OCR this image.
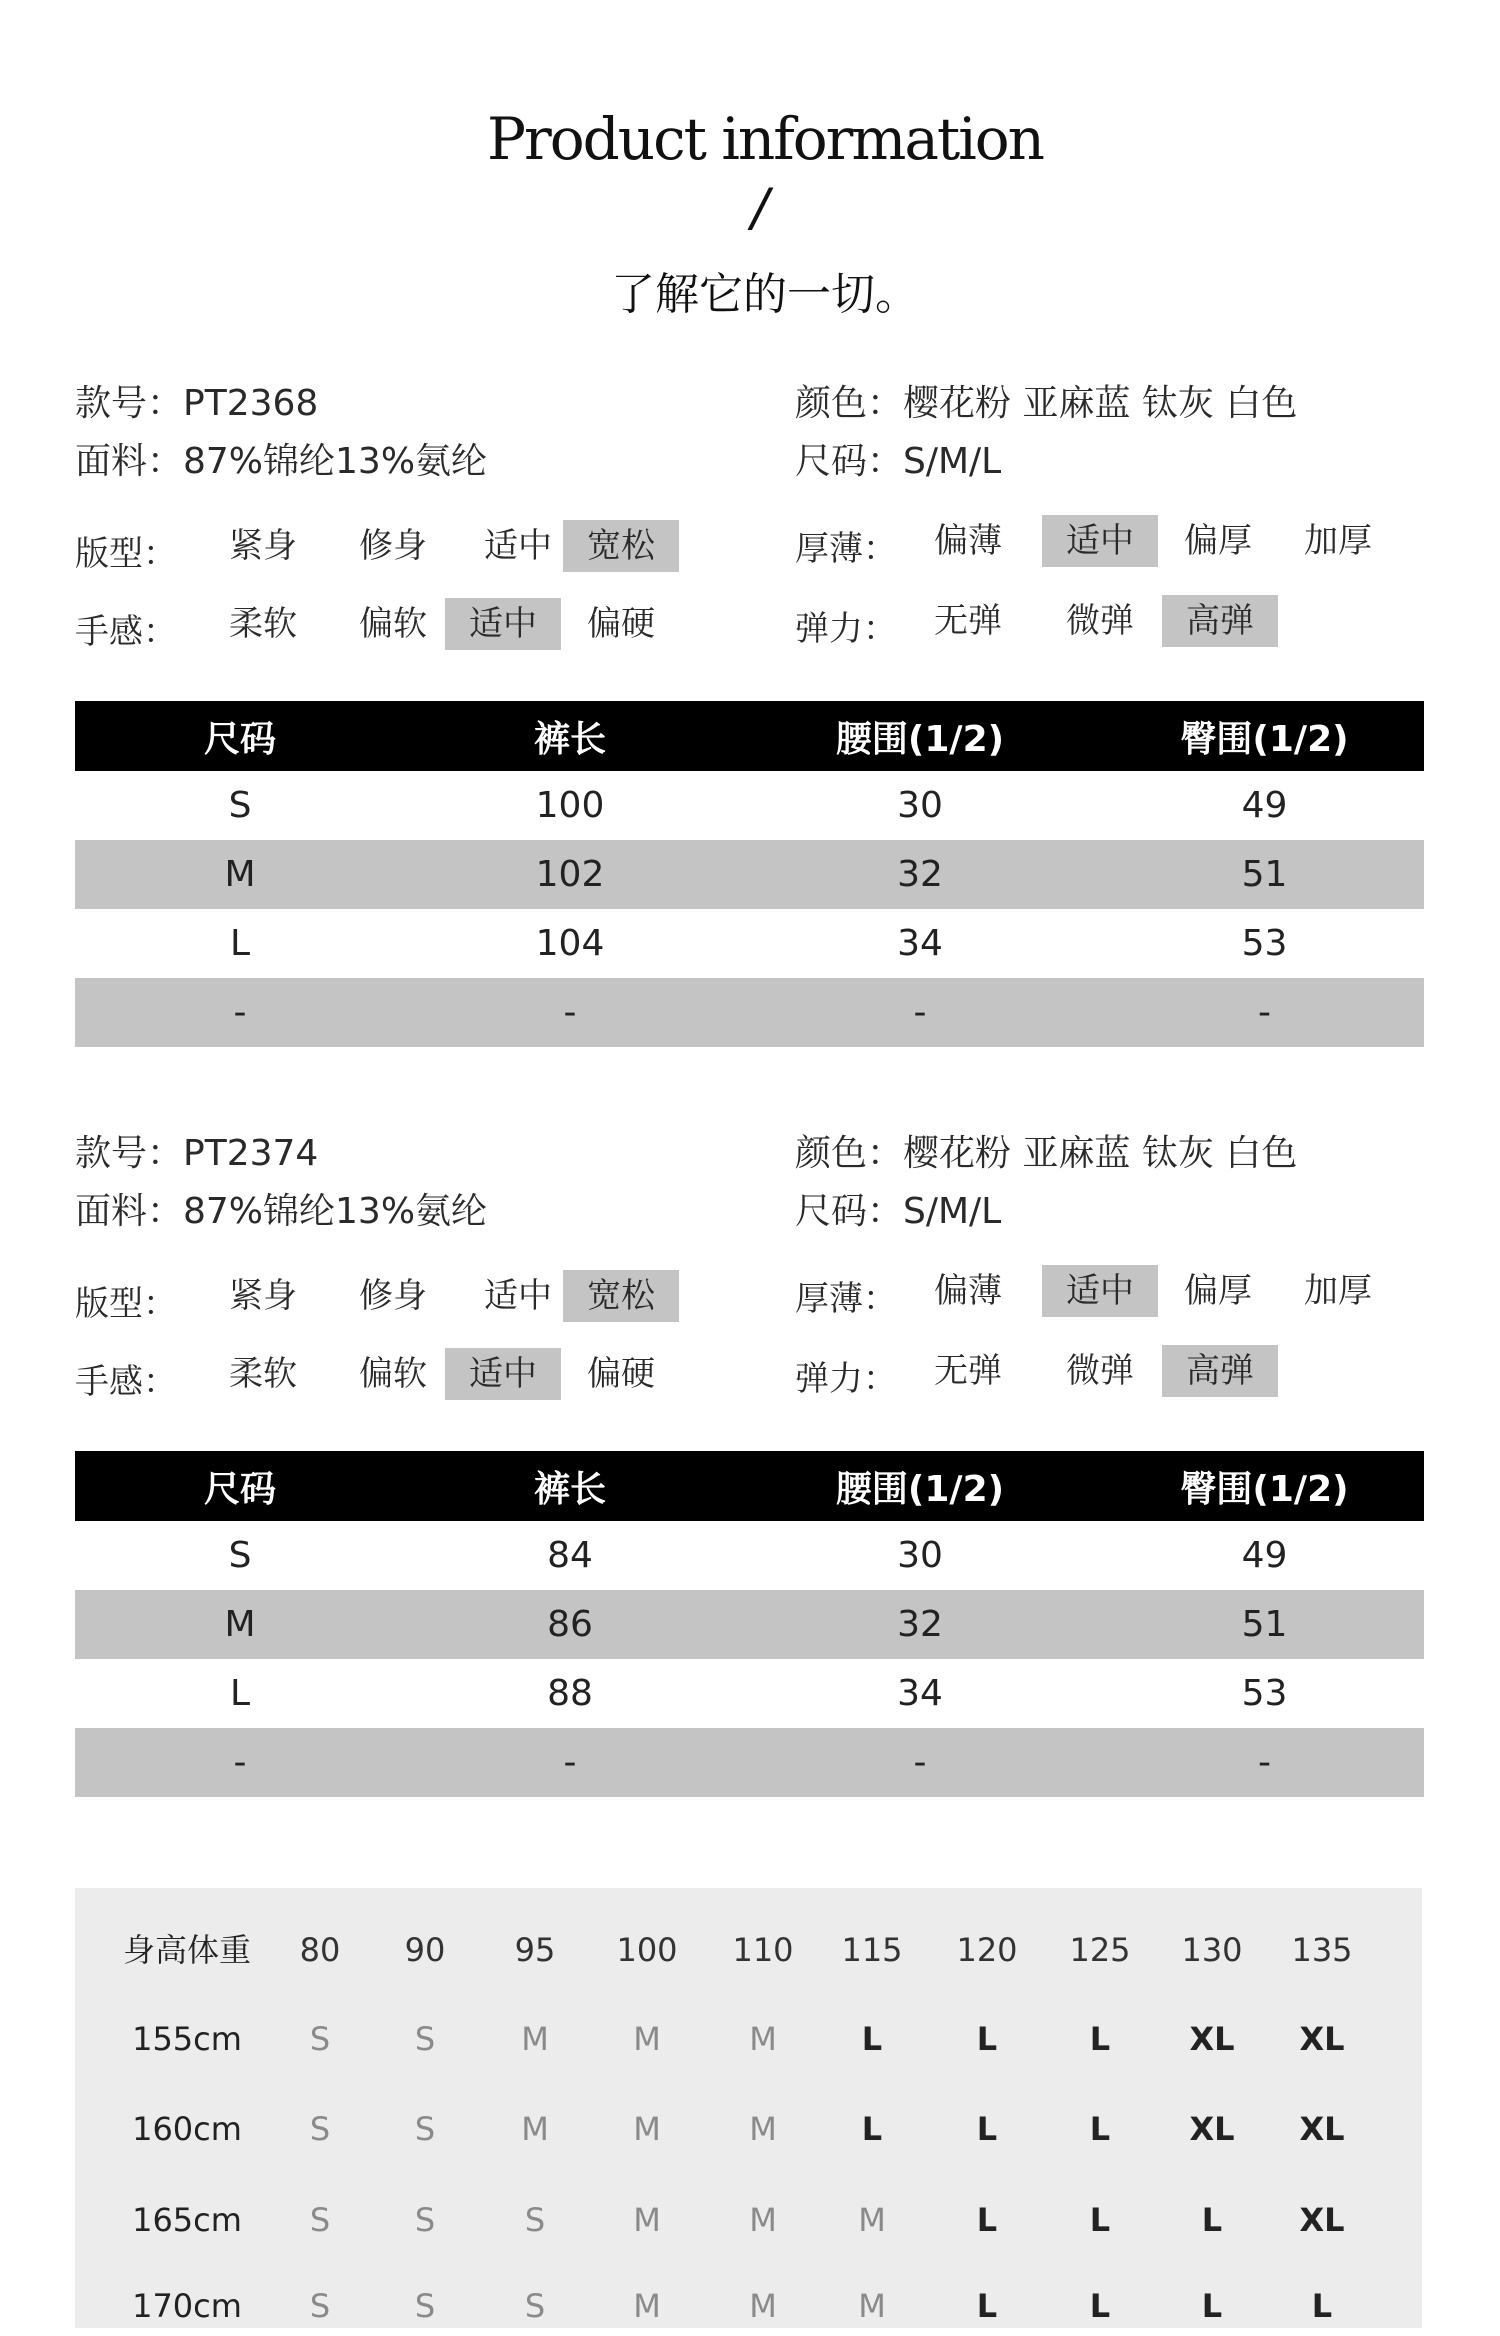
Product information
/
了解它的一切。
款号：PT2368
面料：87%锦纶13%氨纶
颜色：樱花粉 亚麻蓝 钛灰 白色
尺码：S/M/L
版型：	紧身	修身	适中	宽松
手感：	柔软	偏软	适中	偏硬
厚薄：	偏薄	适中	偏厚	加厚
弹力：	无弹	微弹	高弹
尺码	裤长	腰围(1/2)	臀围(1/2)
S	100	30	49
M	102	32	51
L	104	34	53
-	-	-	-
款号：PT2374
面料：87%锦纶13%氨纶
颜色：樱花粉 亚麻蓝 钛灰 白色
尺码：S/M/L
版型：	紧身	修身	适中	宽松
手感：	柔软	偏软	适中	偏硬
厚薄：	偏薄	适中	偏厚	加厚
弹力：	无弹	微弹	高弹
尺码	裤长	腰围(1/2)	臀围(1/2)
S	84	30	49
M	86	32	51
L	88	34	53
-	-	-	-
身高体重	80	90	95	100	110	115	120	125	130	135
155cm	S	S	M	M	M	L	L	L	XL	XL
160cm	S	S	M	M	M	L	L	L	XL	XL
165cm	S	S	S	M	M	M	L	L	L	XL
170cm	S	S	S	M	M	M	L	L	L	L
